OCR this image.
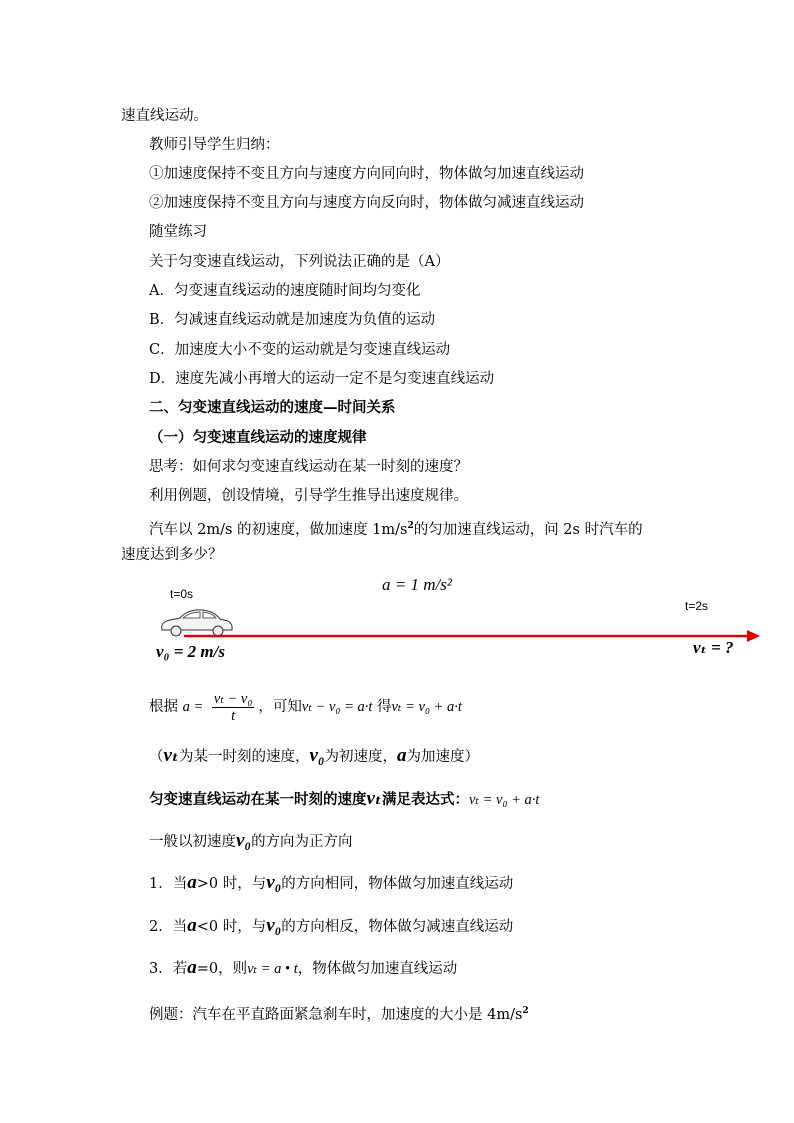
速直线运动。
教师引导学生归纳：
①加速度保持不变且方向与速度方向同向时，物体做匀加速直线运动
②加速度保持不变且方向与速度方向反向时，物体做匀减速直线运动
随堂练习
关于匀变速直线运动，下列说法正确的是（A）
A．匀变速直线运动的速度随时间均匀变化
B．匀减速直线运动就是加速度为负值的运动
C．加速度大小不变的运动就是匀变速直线运动
D．速度先减小再增大的运动一定不是匀变速直线运动
二、匀变速直线运动的速度—时间关系
（一）匀变速直线运动的速度规律
思考：如何求匀变速直线运动在某一时刻的速度？
利用例题，创设情境，引导学生推导出速度规律。
汽车以 2m/s 的初速度，做加速度 $1m/s^2$的匀加速直线运动，问 2s 时汽车的
速度达到多少？
t=0s
t=2s
a = 1 m/s²
v₀ = 2 m/s	vₜ = ?
根据 $a = \frac{\text{vₜ − v₀}}{t}$ ，可知vₜ − v₀ = a·t 得vₜ = v₀ + a·t
（vₜ为某一时刻的速度，v₀为初速度，a为加速度）
匀变速直线运动在某一时刻的速度vₜ满足表达式：vₜ = v₀ + a·t
一般以初速度v₀的方向为正方向
1．当a>0 时，与v₀的方向相同，物体做匀加速直线运动
2．当a<0 时，与v₀的方向相反，物体做匀减速直线运动
3．若a=0，则vₜ = a • t，物体做匀加速直线运动
例题：汽车在平直路面紧急刹车时，加速度的大小是 $4m/s^2$
